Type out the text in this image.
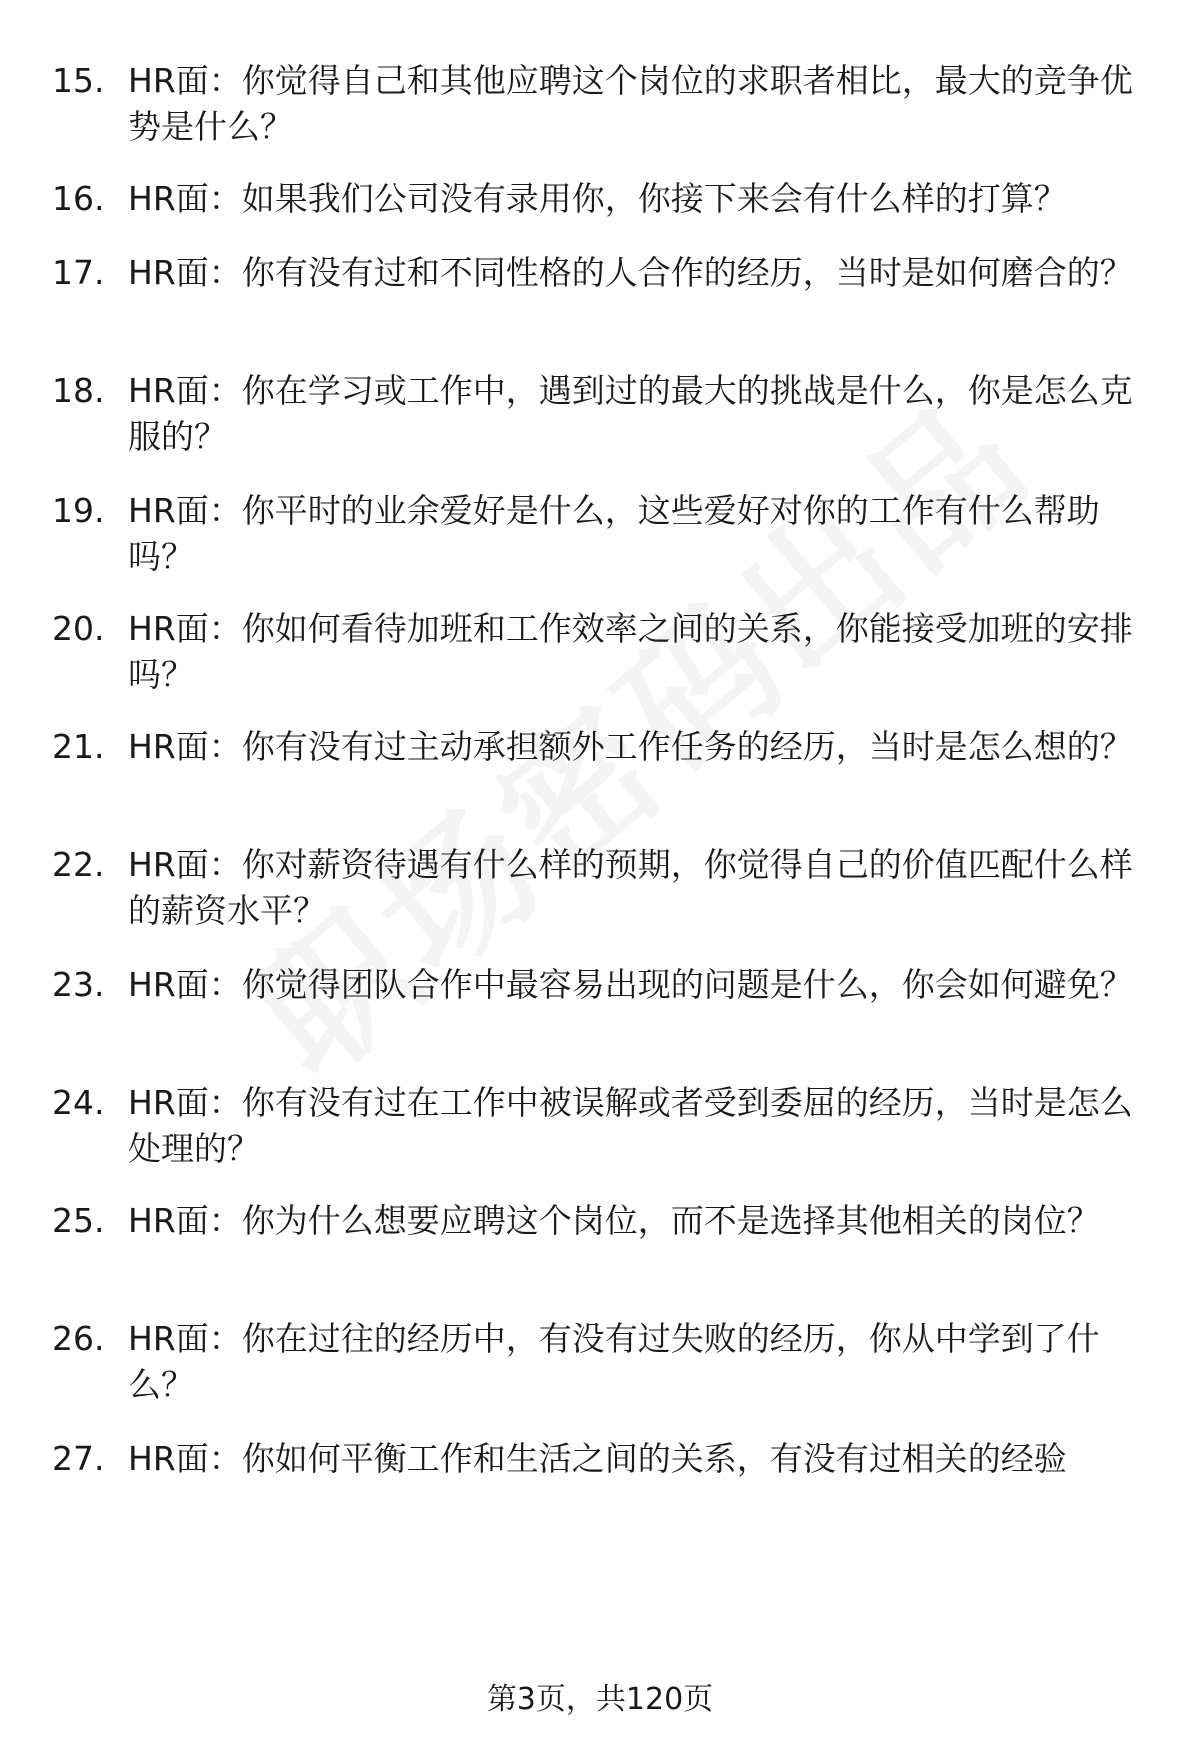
15. HR面：你觉得自己和其他应聘这个岗位的求职者相比，最大的竞争优势是什么？
16. HR面：如果我们公司没有录用你，你接下来会有什么样的打算？
17. HR面：你有没有过和不同性格的人合作的经历，当时是如何磨合的？
18. HR面：你在学习或工作中，遇到过的最大的挑战是什么，你是怎么克服的？
19. HR面：你平时的业余爱好是什么，这些爱好对你的工作有什么帮助吗？
20. HR面：你如何看待加班和工作效率之间的关系，你能接受加班的安排吗？
21. HR面：你有没有过主动承担额外工作任务的经历，当时是怎么想的？
22. HR面：你对薪资待遇有什么样的预期，你觉得自己的价值匹配什么样的薪资水平？
23. HR面：你觉得团队合作中最容易出现的问题是什么，你会如何避免？
24. HR面：你有没有过在工作中被误解或者受到委屈的经历，当时是怎么处理的？
25. HR面：你为什么想要应聘这个岗位，而不是选择其他相关的岗位？
26. HR面：你在过往的经历中，有没有过失败的经历，你从中学到了什么？
27. HR面：你如何平衡工作和生活之间的关系，有没有过相关的经验
第3页，共120页
